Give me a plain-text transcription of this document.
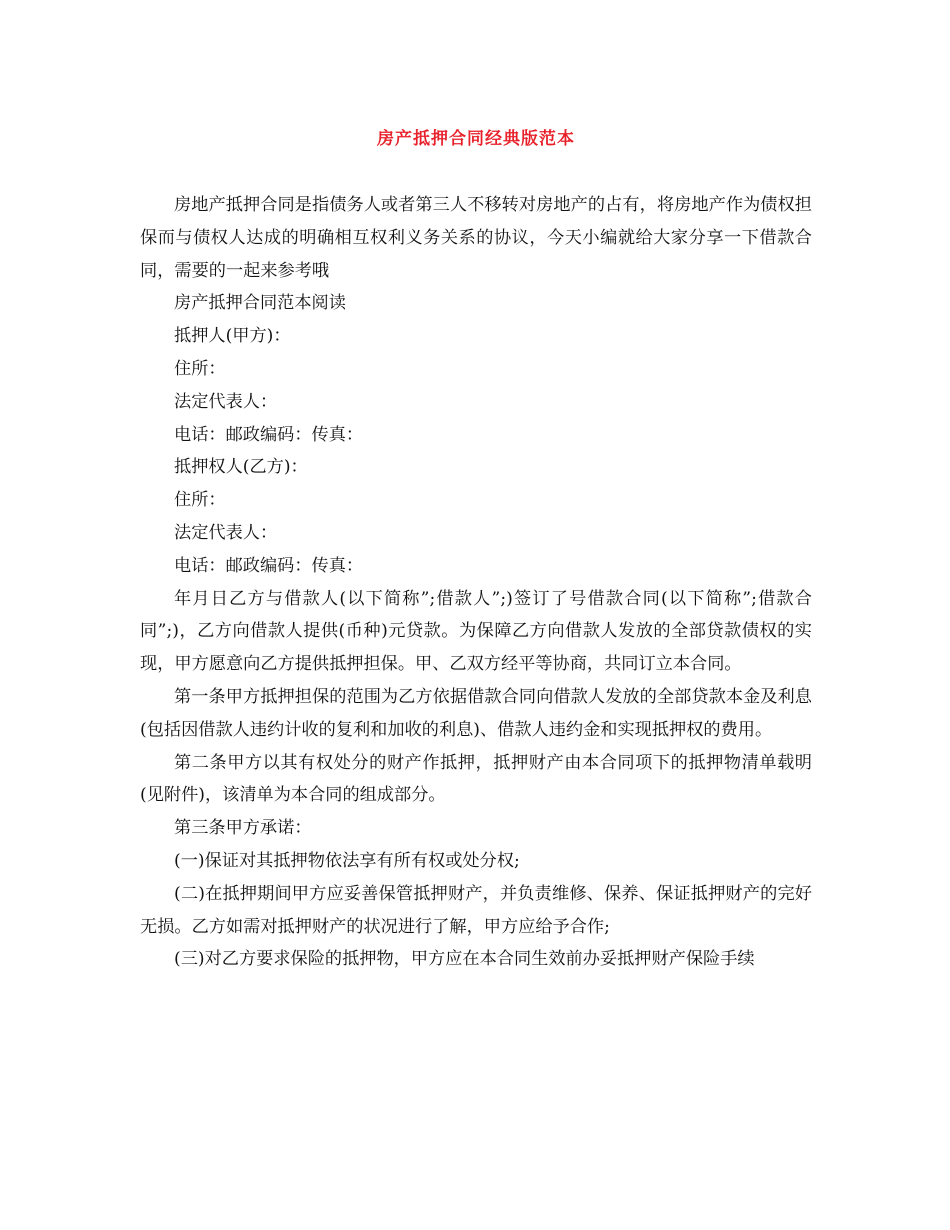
房产抵押合同经典版范本

房地产抵押合同是指债务人或者第三人不移转对房地产的占有，将房地产作为债权担保而与债权人达成的明确相互权利义务关系的协议，今天小编就给大家分享一下借款合同，需要的一起来参考哦

房产抵押合同范本阅读

抵押人(甲方)：

住所：

法定代表人：

电话：邮政编码：传真：

抵押权人(乙方)：

住所：

法定代表人：

电话：邮政编码：传真：

年月日乙方与借款人(以下简称”;借款人”;)签订了号借款合同(以下简称”;借款合同”;)，乙方向借款人提供(币种)元贷款。为保障乙方向借款人发放的全部贷款债权的实现，甲方愿意向乙方提供抵押担保。甲、乙双方经平等协商，共同订立本合同。

第一条甲方抵押担保的范围为乙方依据借款合同向借款人发放的全部贷款本金及利息(包括因借款人违约计收的复利和加收的利息)、借款人违约金和实现抵押权的费用。

第二条甲方以其有权处分的财产作抵押，抵押财产由本合同项下的抵押物清单载明(见附件)，该清单为本合同的组成部分。

第三条甲方承诺：

(一)保证对其抵押物依法享有所有权或处分权;

(二)在抵押期间甲方应妥善保管抵押财产，并负责维修、保养、保证抵押财产的完好无损。乙方如需对抵押财产的状况进行了解，甲方应给予合作;

(三)对乙方要求保险的抵押物，甲方应在本合同生效前办妥抵押财产保险手续
